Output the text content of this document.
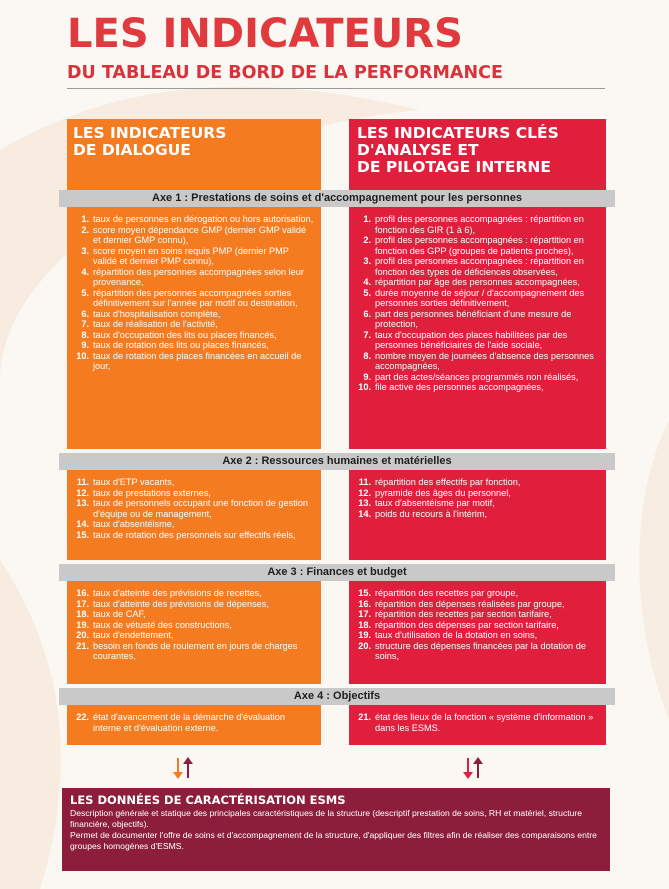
LES INDICATEURS
DU TABLEAU DE BORD DE LA PERFORMANCE
LES INDICATEURS
DE DIALOGUE
LES INDICATEURS CLÉS
D'ANALYSE ET
DE PILOTAGE INTERNE
Axe 1 : Prestations de soins et d'accompagnement pour les personnes
1. taux de personnes en dérogation ou hors autorisation,
2. score moyen dépendance GMP (dernier GMP validé et dernier GMP connu),
3. score moyen en soins requis PMP (dernier PMP validé et dernier PMP connu),
4. répartition des personnes accompagnées selon leur provenance,
5. répartition des personnes accompagnées sorties définitivement sur l'année par motif ou destination,
6. taux d'hospitalisation complète,
7. taux de réalisation de l'activité,
8. taux d'occupation des lits ou places financés,
9. taux de rotation des lits ou places financés,
10. taux de rotation des places financées en accueil de jour,
1. profil des personnes accompagnées : répartition en fonction des GIR (1 à 6),
2. profil des personnes accompagnées : répartition en fonction des GPP (groupes de patients proches),
3. profil des personnes accompagnées : répartition en fonction des types de déficiences observées,
4. répartition par âge des personnes accompagnées,
5. durée moyenne de séjour / d'accompagnement des personnes sorties définitivement,
6. part des personnes bénéficiant d'une mesure de protection,
7. taux d'occupation des places habilitées par des personnes bénéficiaires de l'aide sociale,
8. nombre moyen de journées d'absence des personnes accompagnées,
9. part des actes/séances programmés non réalisés,
10. file active des personnes accompagnées,
Axe 2 : Ressources humaines et matérielles
11. taux d'ETP vacants,
12. taux de prestations externes,
13. taux de personnels occupant une fonction de gestion d'équipe ou de management,
14. taux d'absentéisme,
15. taux de rotation des personnels sur effectifs réels,
11. répartition des effectifs par fonction,
12. pyramide des âges du personnel,
13. taux d'absentéisme par motif,
14. poids du recours à l'intérim,
Axe 3 : Finances et budget
16. taux d'atteinte des prévisions de recettes,
17. taux d'atteinte des prévisions de dépenses,
18. taux de CAF,
19. taux de vétusté des constructions,
20. taux d'endettement,
21. besoin en fonds de roulement en jours de charges courantes,
15. répartition des recettes par groupe,
16. répartition des dépenses réalisées par groupe,
17. répartition des recettes par section tarifaire,
18. répartition des dépenses par section tarifaire,
19. taux d'utilisation de la dotation en soins,
20. structure des dépenses financées par la dotation de soins,
Axe 4 : Objectifs
22. état d'avancement de la démarche d'évaluation interne et d'évaluation externe.
21. état des lieux de la fonction « système d'information » dans les ESMS.
LES DONNÉES DE CARACTÉRISATION ESMS

Description générale et statique des principales caractéristiques de la structure (descriptif prestation de soins, RH et matériel, structure financière, objectifs).

Permet de documenter l'offre de soins et d'accompagnement de la structure, d'appliquer des filtres afin de réaliser des comparaisons entre groupes homogènes d'ESMS.
